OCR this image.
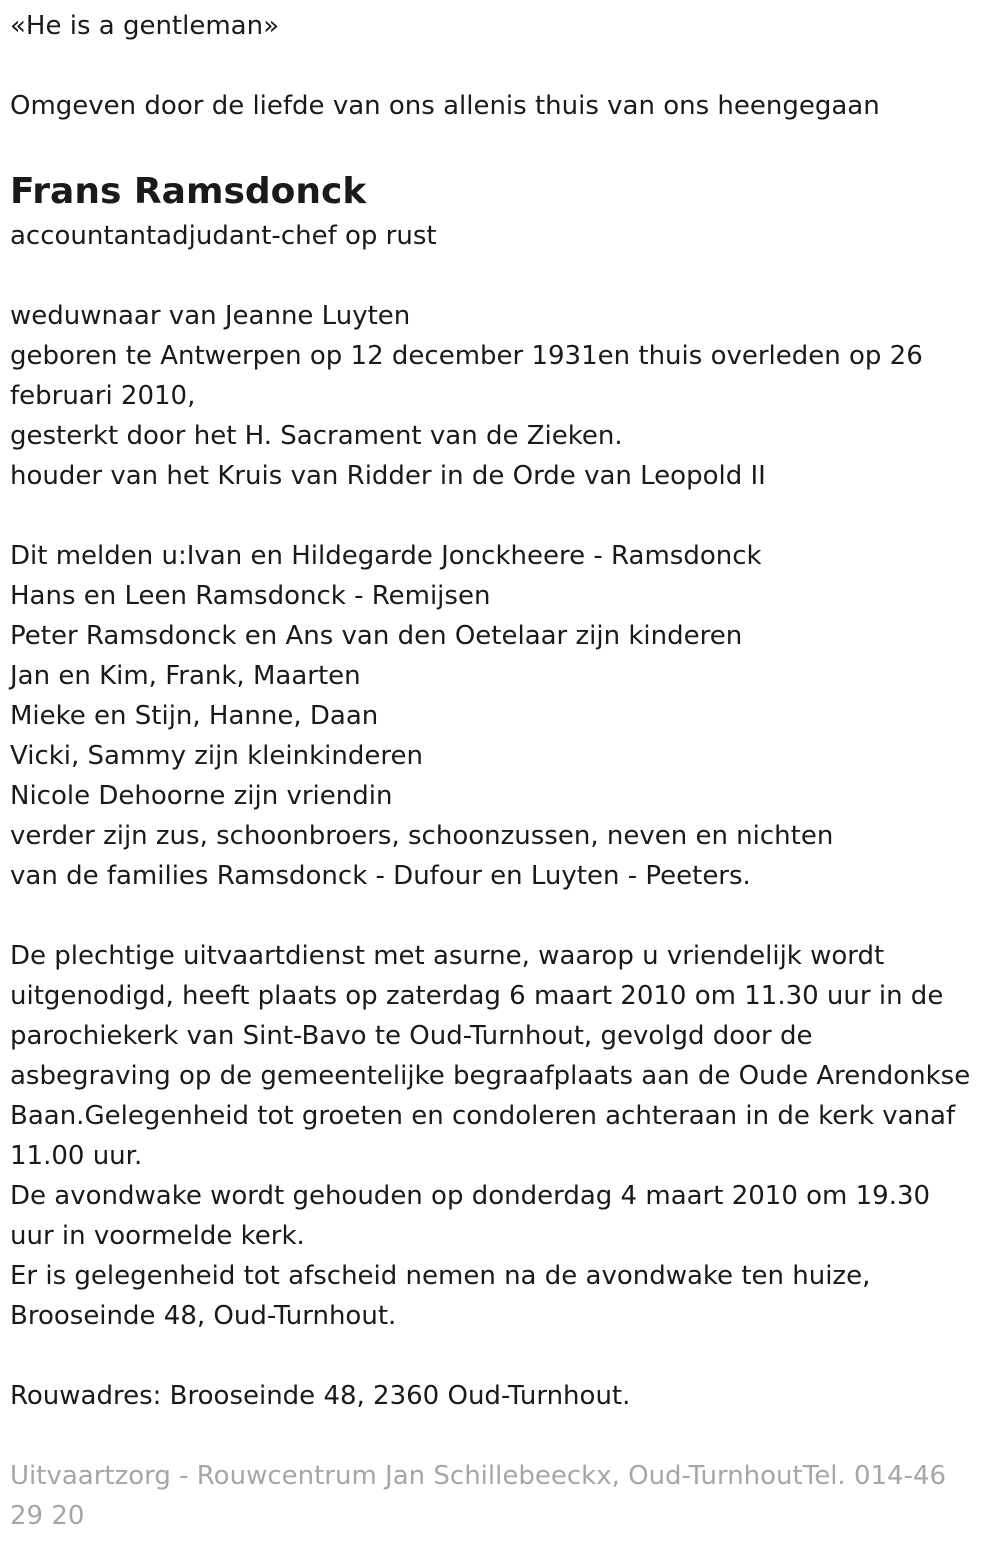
«He is a gentleman»

Omgeven door de liefde van ons allenis thuis van ons heengegaan

Frans Ramsdonck

accountantadjudant-chef op rust

weduwnaar van Jeanne Luyten

geboren te Antwerpen op 12 december 1931en thuis overleden op 26

februari 2010,

gesterkt door het H. Sacrament van de Zieken.

houder van het Kruis van Ridder in de Orde van Leopold II

Dit melden u:Ivan en Hildegarde Jonckheere - Ramsdonck

Hans en Leen Ramsdonck - Remijsen

Peter Ramsdonck en Ans van den Oetelaar zijn kinderen

Jan en Kim, Frank, Maarten

Mieke en Stijn, Hanne, Daan

Vicki, Sammy zijn kleinkinderen

Nicole Dehoorne zijn vriendin

verder zijn zus, schoonbroers, schoonzussen, neven en nichten

van de families Ramsdonck - Dufour en Luyten - Peeters.

De plechtige uitvaartdienst met asurne, waarop u vriendelijk wordt

uitgenodigd, heeft plaats op zaterdag 6 maart 2010 om 11.30 uur in de

parochiekerk van Sint-Bavo te Oud-Turnhout, gevolgd door de

asbegraving op de gemeentelijke begraafplaats aan de Oude Arendonkse

Baan.Gelegenheid tot groeten en condoleren achteraan in de kerk vanaf

11.00 uur.

De avondwake wordt gehouden op donderdag 4 maart 2010 om 19.30

uur in voormelde kerk.

Er is gelegenheid tot afscheid nemen na de avondwake ten huize,

Brooseinde 48, Oud-Turnhout.

Rouwadres: Brooseinde 48, 2360 Oud-Turnhout.

Uitvaartzorg - Rouwcentrum Jan Schillebeeckx, Oud-TurnhoutTel. 014-46

29 20
